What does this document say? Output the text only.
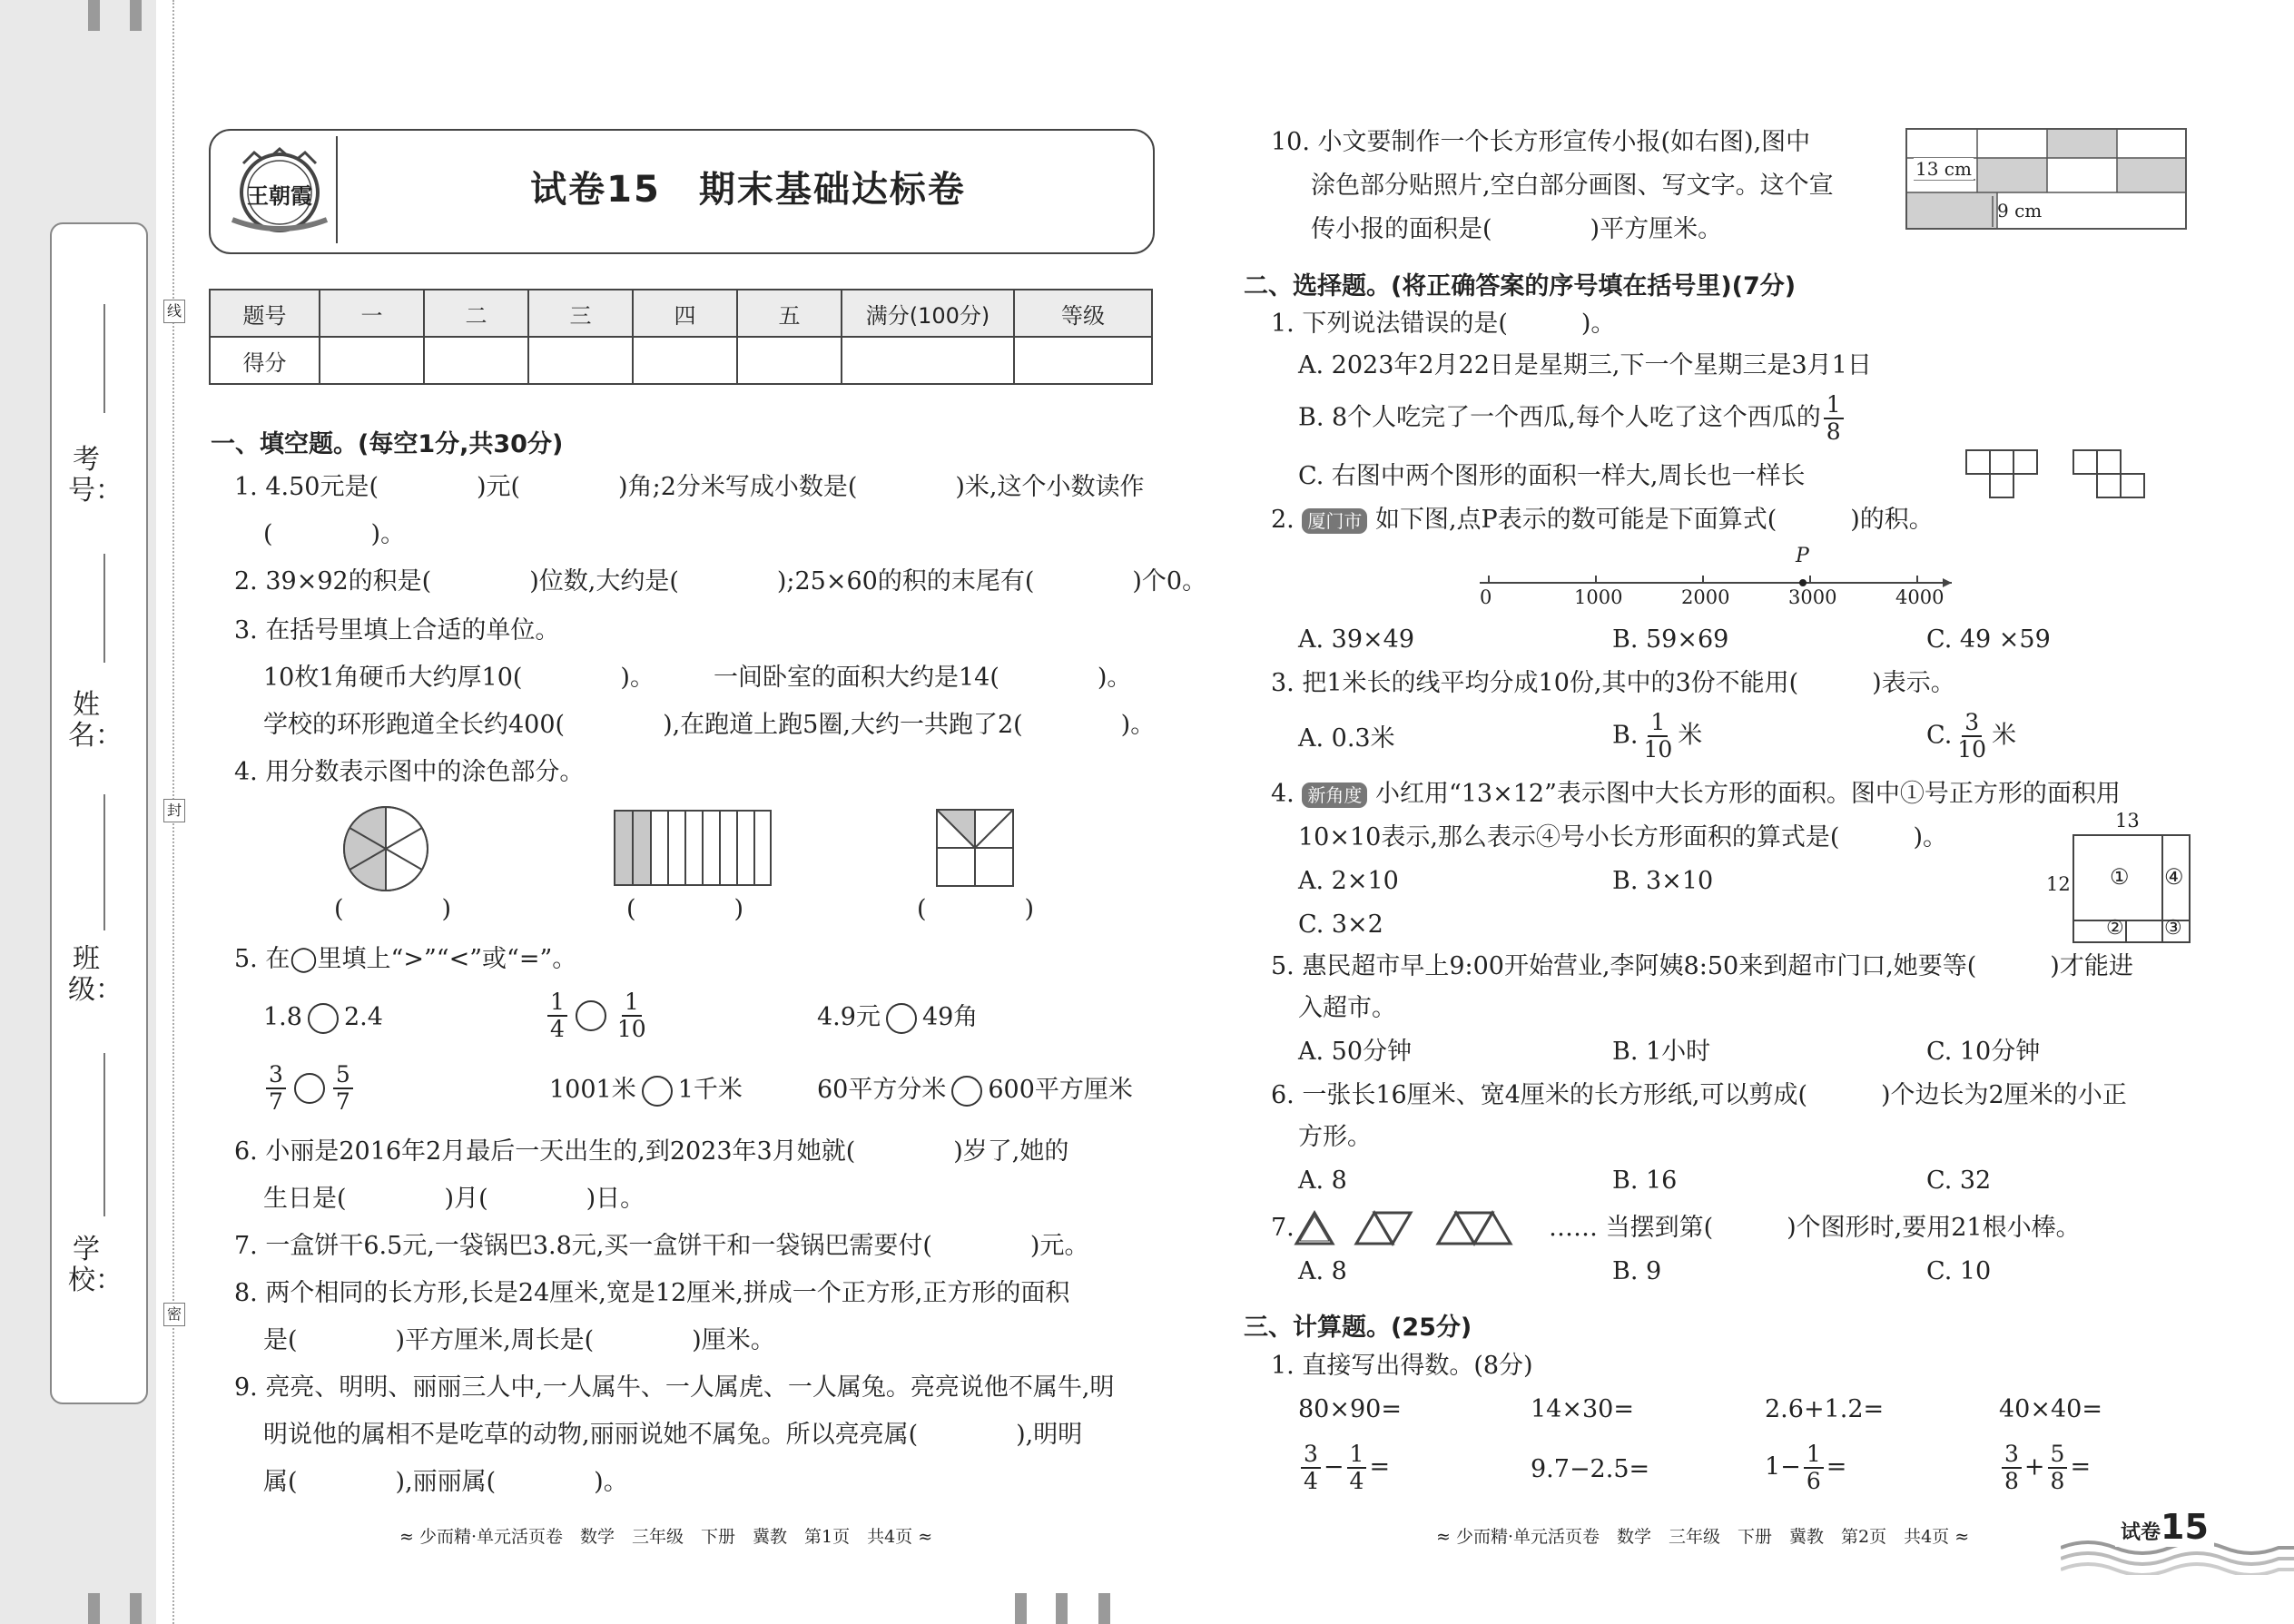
考号：
姓名：
班级：
学校：
线
封
密
王朝霞	试卷15　期末基础达标卷
题号	一	二	三	四	五	满分(100分)	等级
得分							
一、填空题。(每空1分,共30分)
1. 4.50元是(　　　　)元(　　　　)角;2分米写成小数是(　　　　)米,这个小数读作
(　　　　)。
2. 39×92的积是(　　　　)位数,大约是(　　　　);25×60的积的末尾有(　　　　)个0。
3. 在括号里填上合适的单位。
10枚1角硬币大约厚10(　　　　)。 一间卧室的面积大约是14(　　　　)。
学校的环形跑道全长约400(　　　　),在跑道上跑5圈,大约一共跑了2(　　　　)。
4. 用分数表示图中的涂色部分。
(　　　　)	(　　　　)	(　　　　)
5. 在◯里填上“>”“<”或“=”。
1.8 2.4	$\frac{1}{4} \frac{1}{10}$	4.9元 49角
$\frac{3}{7} \frac{5}{7}$	1001米 1千米	60平方分米 600平方厘米
6. 小丽是2016年2月最后一天出生的,到2023年3月她就(　　　　)岁了,她的
生日是(　　　　)月(　　　　)日。
7. 一盒饼干6.5元,一袋锅巴3.8元,买一盒饼干和一袋锅巴需要付(　　　　)元。
8. 两个相同的长方形,长是24厘米,宽是12厘米,拼成一个正方形,正方形的面积
是(　　　　)平方厘米,周长是(　　　　)厘米。
9. 亮亮、明明、丽丽三人中,一人属牛、一人属虎、一人属兔。亮亮说他不属牛,明
明说他的属相不是吃草的动物,丽丽说她不属兔。所以亮亮属(　　　　),明明
属(　　　　),丽丽属(　　　　)。
≈ 少而精·单元活页卷　数学　三年级　下册　冀教　第1页　共4页 ≈
10. 小文要制作一个长方形宣传小报(如右图),图中
涂色部分贴照片,空白部分画图、写文字。这个宣
传小报的面积是(　　　　)平方厘米。
13 cm
9 cm
二、选择题。(将正确答案的序号填在括号里)(7分)
1. 下列说法错误的是(　　　)。
A. 2023年2月22日是星期三,下一个星期三是3月1日
B. 8个人吃完了一个西瓜,每个人吃了这个西瓜的 $\frac{1}{8}$
C. 右图中两个图形的面积一样大,周长也一样长
2. 厦门市 如下图,点P表示的数可能是下面算式(　　　)的积。
P
0	1000	2000	3000	4000
A. 39×49	B. 59×69	C. 49 ×59
3. 把1米长的线平均分成10份,其中的3份不能用(　　　)表示。
A. 0.3米	B. $\frac{1}{10}$ 米	C. $\frac{3}{10}$ 米
4. 新角度 小红用“13×12”表示图中大长方形的面积。图中①号正方形的面积用
10×10表示,那么表示④号小长方形面积的算式是(　　　)。
13
12 ①
② ③
④
A. 2×10	B. 3×10
C. 3×2
5. 惠民超市早上9:00开始营业,李阿姨8:50来到超市门口,她要等(　　　)才能进
入超市。
A. 50分钟	B. 1小时	C. 10分钟
6. 一张长16厘米、宽4厘米的长方形纸,可以剪成(　　　)个边长为2厘米的小正
方形。
A. 8	B. 16	C. 32
7.	…… 当摆到第(　　　)个图形时,要用21根小棒。
A. 8	B. 9	C. 10
三、计算题。(25分)
1. 直接写出得数。(8分)
80×90=	14×30=	2.6+1.2=	40×40=
$\frac{3}{4} - \frac{1}{4}$ =	9.7−2.5=	$1- \frac{1}{6}$ =	$\frac{3}{8} + \frac{5}{8}$ =
≈ 少而精·单元活页卷　数学　三年级　下册　冀教　第2页　共4页 ≈	试卷15
